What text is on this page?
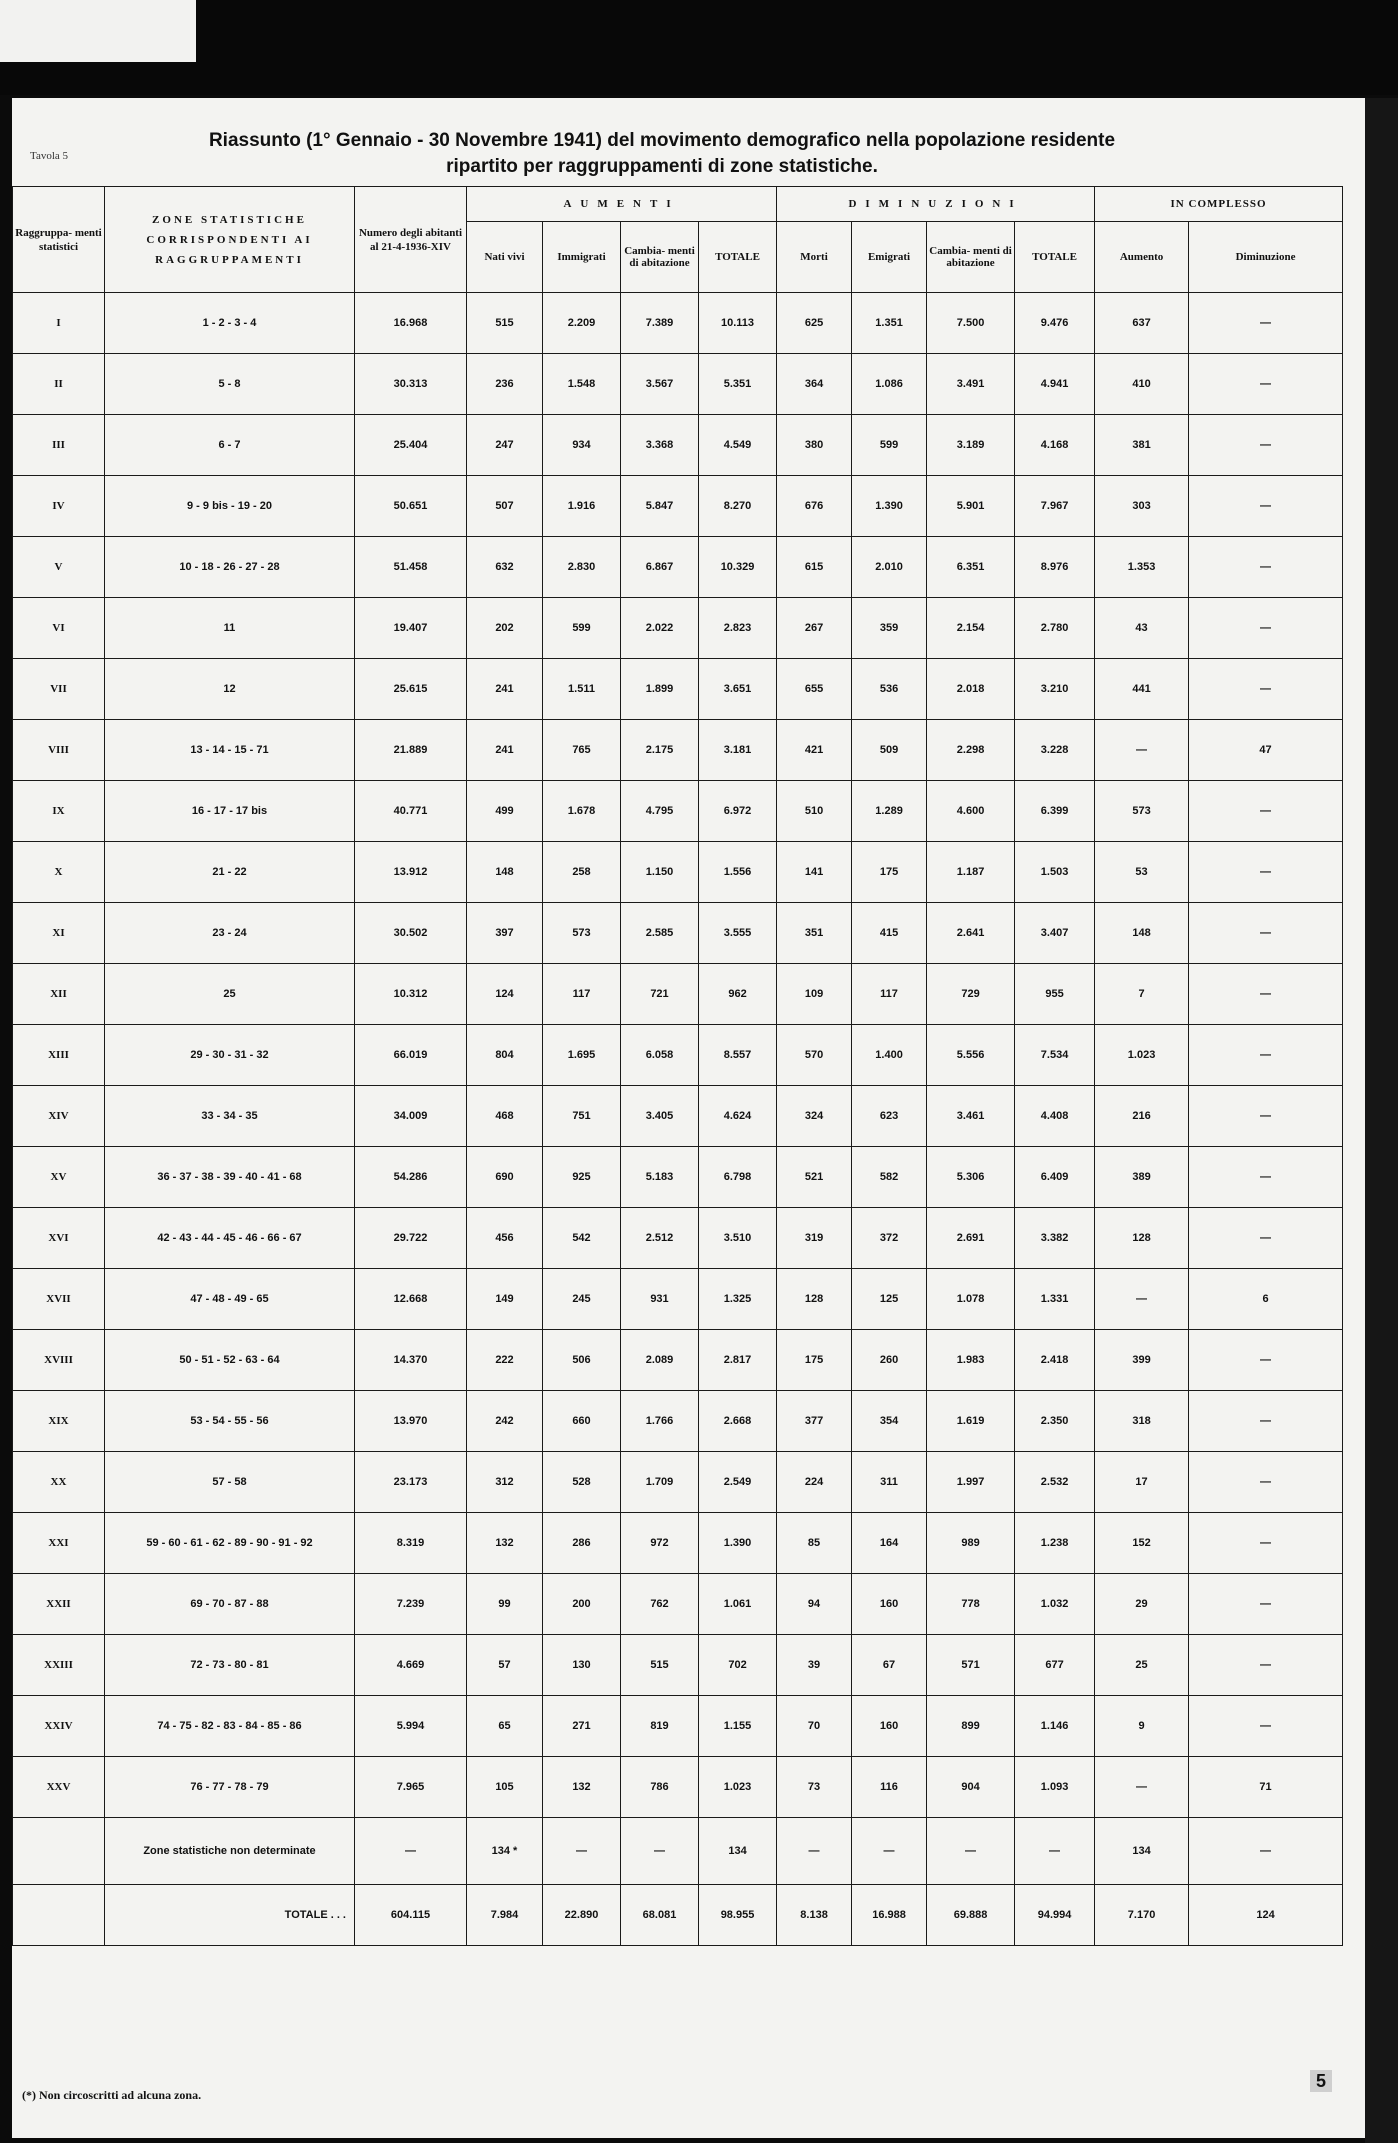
Tavola 5
Riassunto (1° Gennaio - 30 Novembre 1941) del movimento demografico nella popolazione residente
ripartito per raggruppamenti di zone statistiche.
Raggruppa- menti statistici	ZONE STATISTICHE CORRISPONDENTI AI RAGGRUPPAMENTI	Numero degli abitanti al 21-4-1936-XIV	AUMENTI				DIMINUZIONI				IN COMPLESSO	
			Nati vivi	Immigrati	Cambia- menti di abitazione	TOTALE	Morti	Emigrati	Cambia- menti di abitazione	TOTALE	Aumento	Diminuzione
I	1 - 2 - 3 - 4	16.968	515	2.209	7.389	10.113	625	1.351	7.500	9.476	637	—
II	5 - 8	30.313	236	1.548	3.567	5.351	364	1.086	3.491	4.941	410	—
III	6 - 7	25.404	247	934	3.368	4.549	380	599	3.189	4.168	381	—
IV	9 - 9 bis - 19 - 20	50.651	507	1.916	5.847	8.270	676	1.390	5.901	7.967	303	—
V	10 - 18 - 26 - 27 - 28	51.458	632	2.830	6.867	10.329	615	2.010	6.351	8.976	1.353	—
VI	11	19.407	202	599	2.022	2.823	267	359	2.154	2.780	43	—
VII	12	25.615	241	1.511	1.899	3.651	655	536	2.018	3.210	441	—
VIII	13 - 14 - 15 - 71	21.889	241	765	2.175	3.181	421	509	2.298	3.228	—	47
IX	16 - 17 - 17 bis	40.771	499	1.678	4.795	6.972	510	1.289	4.600	6.399	573	—
X	21 - 22	13.912	148	258	1.150	1.556	141	175	1.187	1.503	53	—
XI	23 - 24	30.502	397	573	2.585	3.555	351	415	2.641	3.407	148	—
XII	25	10.312	124	117	721	962	109	117	729	955	7	—
XIII	29 - 30 - 31 - 32	66.019	804	1.695	6.058	8.557	570	1.400	5.556	7.534	1.023	—
XIV	33 - 34 - 35	34.009	468	751	3.405	4.624	324	623	3.461	4.408	216	—
XV	36 - 37 - 38 - 39 - 40 - 41 - 68	54.286	690	925	5.183	6.798	521	582	5.306	6.409	389	—
XVI	42 - 43 - 44 - 45 - 46 - 66 - 67	29.722	456	542	2.512	3.510	319	372	2.691	3.382	128	—
XVII	47 - 48 - 49 - 65	12.668	149	245	931	1.325	128	125	1.078	1.331	—	6
XVIII	50 - 51 - 52 - 63 - 64	14.370	222	506	2.089	2.817	175	260	1.983	2.418	399	—
XIX	53 - 54 - 55 - 56	13.970	242	660	1.766	2.668	377	354	1.619	2.350	318	—
XX	57 - 58	23.173	312	528	1.709	2.549	224	311	1.997	2.532	17	—
XXI	59 - 60 - 61 - 62 - 89 - 90 - 91 - 92	8.319	132	286	972	1.390	85	164	989	1.238	152	—
XXII	69 - 70 - 87 - 88	7.239	99	200	762	1.061	94	160	778	1.032	29	—
XXIII	72 - 73 - 80 - 81	4.669	57	130	515	702	39	67	571	677	25	—
XXIV	74 - 75 - 82 - 83 - 84 - 85 - 86	5.994	65	271	819	1.155	70	160	899	1.146	9	—
XXV	76 - 77 - 78 - 79	7.965	105	132	786	1.023	73	116	904	1.093	—	71
	Zone statistiche non determinate	—	134 *	—	—	134	—	—	—	—	134	—
	TOTALE . . .	604.115	7.984	22.890	68.081	98.955	8.138	16.988	69.888	94.994	7.170	124
(*) Non circoscritti ad alcuna zona.
5
